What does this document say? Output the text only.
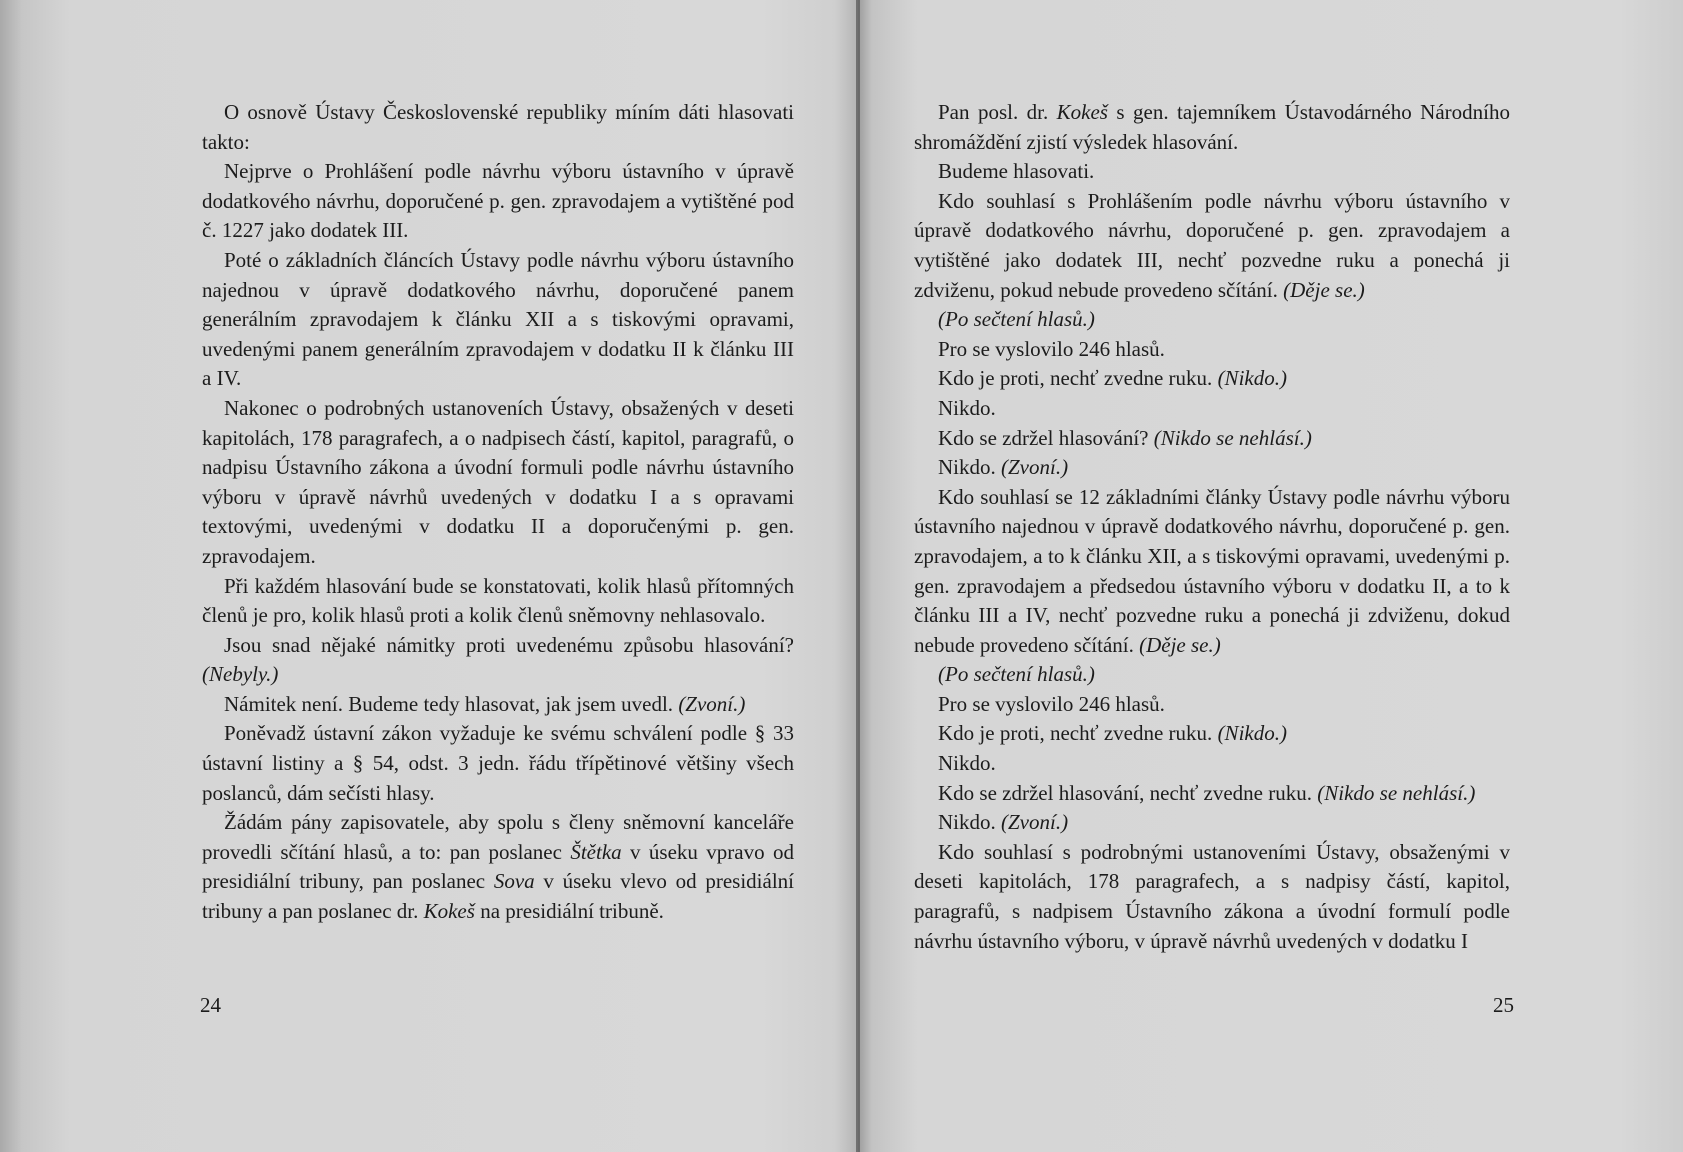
O osnově Ústavy Československé republiky míním dáti hlasovati takto:

Nejprve o Prohlášení podle návrhu výboru ústavního v úpravě dodatkového návrhu, doporučené p. gen. zpravodajem a vytištěné pod č. 1227 jako dodatek III.

Poté o základních článcích Ústavy podle návrhu výboru ústavního najednou v úpravě dodatkového návrhu, doporučené panem generálním zpravodajem k článku XII a s tiskovými opravami, uvedenými panem generálním zpravodajem v dodatku II k článku III a IV.

Nakonec o podrobných ustanoveních Ústavy, obsažených v deseti kapitolách, 178 paragrafech, a o nadpisech částí, kapitol, paragrafů, o nadpisu Ústavního zákona a úvodní formuli podle návrhu ústavního výboru v úpravě návrhů uvedených v dodatku I a s opravami textovými, uvedenými v dodatku II a doporučenými p. gen. zpravodajem.

Při každém hlasování bude se konstatovati, kolik hlasů přítomných členů je pro, kolik hlasů proti a kolik členů sněmovny nehlasovalo.

Jsou snad nějaké námitky proti uvedenému způsobu hlasování? (Nebyly.)

Námitek není. Budeme tedy hlasovat, jak jsem uvedl. (Zvoní.)

Poněvadž ústavní zákon vyžaduje ke svému schválení podle § 33 ústavní listiny a § 54, odst. 3 jedn. řádu třípětinové většiny všech poslanců, dám sečísti hlasy.

Žádám pány zapisovatele, aby spolu s členy sněmovní kanceláře provedli sčítání hlasů, a to: pan poslanec Štětka v úseku vpravo od presidiální tribuny, pan poslanec Sova v úseku vlevo od presidiální tribuny a pan poslanec dr. Kokeš na presidiální tribuně.

24

Pan posl. dr. Kokeš s gen. tajemníkem Ústavodárného Národního shromáždění zjistí výsledek hlasování.

Budeme hlasovati.

Kdo souhlasí s Prohlášením podle návrhu výboru ústavního v úpravě dodatkového návrhu, doporučené p. gen. zpravodajem a vytištěné jako dodatek III, nechť pozvedne ruku a ponechá ji zdviženu, pokud nebude provedeno sčítání. (Děje se.)

(Po sečtení hlasů.)

Pro se vyslovilo 246 hlasů.

Kdo je proti, nechť zvedne ruku. (Nikdo.)

Nikdo.

Kdo se zdržel hlasování? (Nikdo se nehlásí.)

Nikdo. (Zvoní.)

Kdo souhlasí se 12 základními články Ústavy podle návrhu výboru ústavního najednou v úpravě dodatkového návrhu, doporučené p. gen. zpravodajem, a to k článku XII, a s tiskovými opravami, uvedenými p. gen. zpravodajem a předsedou ústavního výboru v dodatku II, a to k článku III a IV, nechť pozvedne ruku a ponechá ji zdviženu, dokud nebude provedeno sčítání. (Děje se.)

(Po sečtení hlasů.)

Pro se vyslovilo 246 hlasů.

Kdo je proti, nechť zvedne ruku. (Nikdo.)

Nikdo.

Kdo se zdržel hlasování, nechť zvedne ruku. (Nikdo se nehlásí.)

Nikdo. (Zvoní.)

Kdo souhlasí s podrobnými ustanoveními Ústavy, obsaženými v deseti kapitolách, 178 paragrafech, a s nadpisy částí, kapitol, paragrafů, s nadpisem Ústavního zákona a úvodní formulí podle návrhu ústavního výboru, v úpravě návrhů uvedených v dodatku I

25
